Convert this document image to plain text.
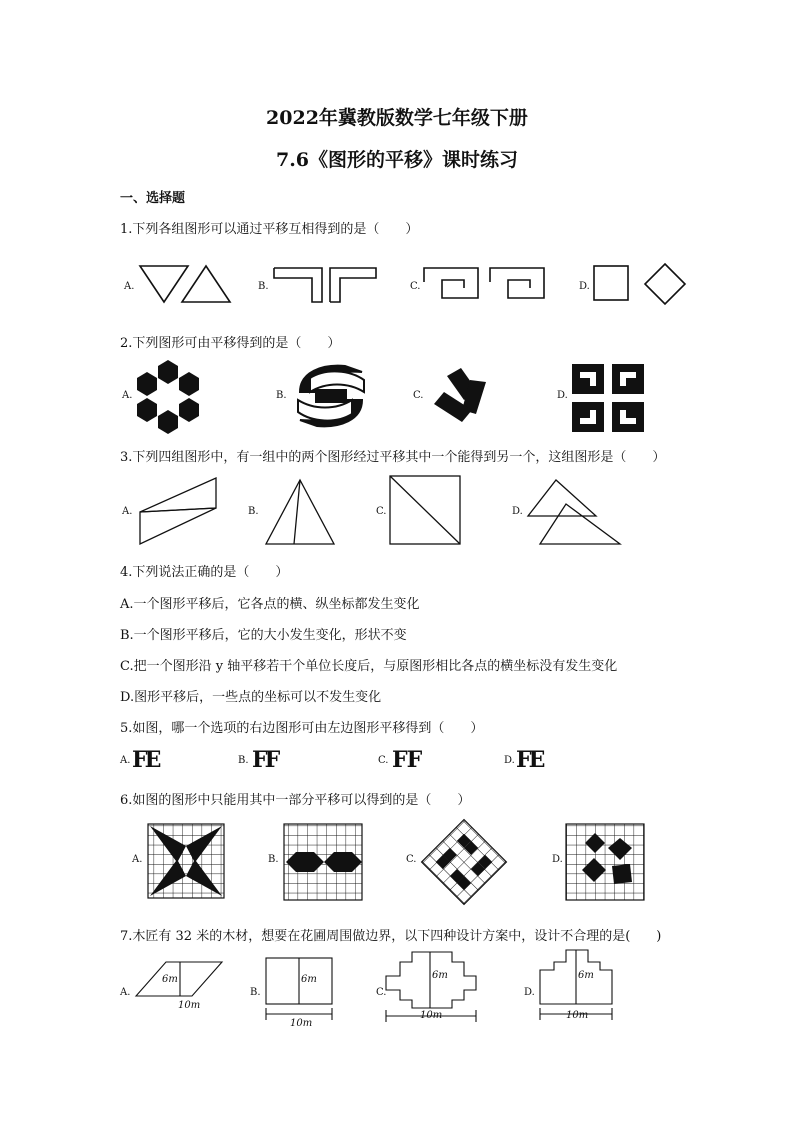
2022年冀教版数学七年级下册
7.6《图形的平移》课时练习
一、选择题
1.下列各组图形可以通过平移互相得到的是（　　）
A.	B.	C.	D.
2.下列图形可由平移得到的是（　　）
A.	B.	C.	D.
3.下列四组图形中，有一组中的两个图形经过平移其中一个能得到另一个，这组图形是（　　）
A.	B.	C.	D.
4.下列说法正确的是（　　）
A.一个图形平移后，它各点的横、纵坐标都发生变化
B.一个图形平移后，它的大小发生变化，形状不变
C.把一个图形沿 y 轴平移若干个单位长度后，与原图形相比各点的横坐标没有发生变化
D.图形平移后，一些点的坐标可以不发生变化
5.如图，哪一个选项的右边图形可由左边图形平移得到（　　）
A. FE	B. FF	C. FF	D. FE
6.如图的图形中只能用其中一部分平移可以得到的是（　　）
A.	B.	C.	D.
7.木匠有 32 米的木材，想要在花圃周围做边界，以下四种设计方案中，设计不合理的是(　　)
A.	B.	C.	D.
6m
10m
6m
10m
6m
10m
6m
10m
